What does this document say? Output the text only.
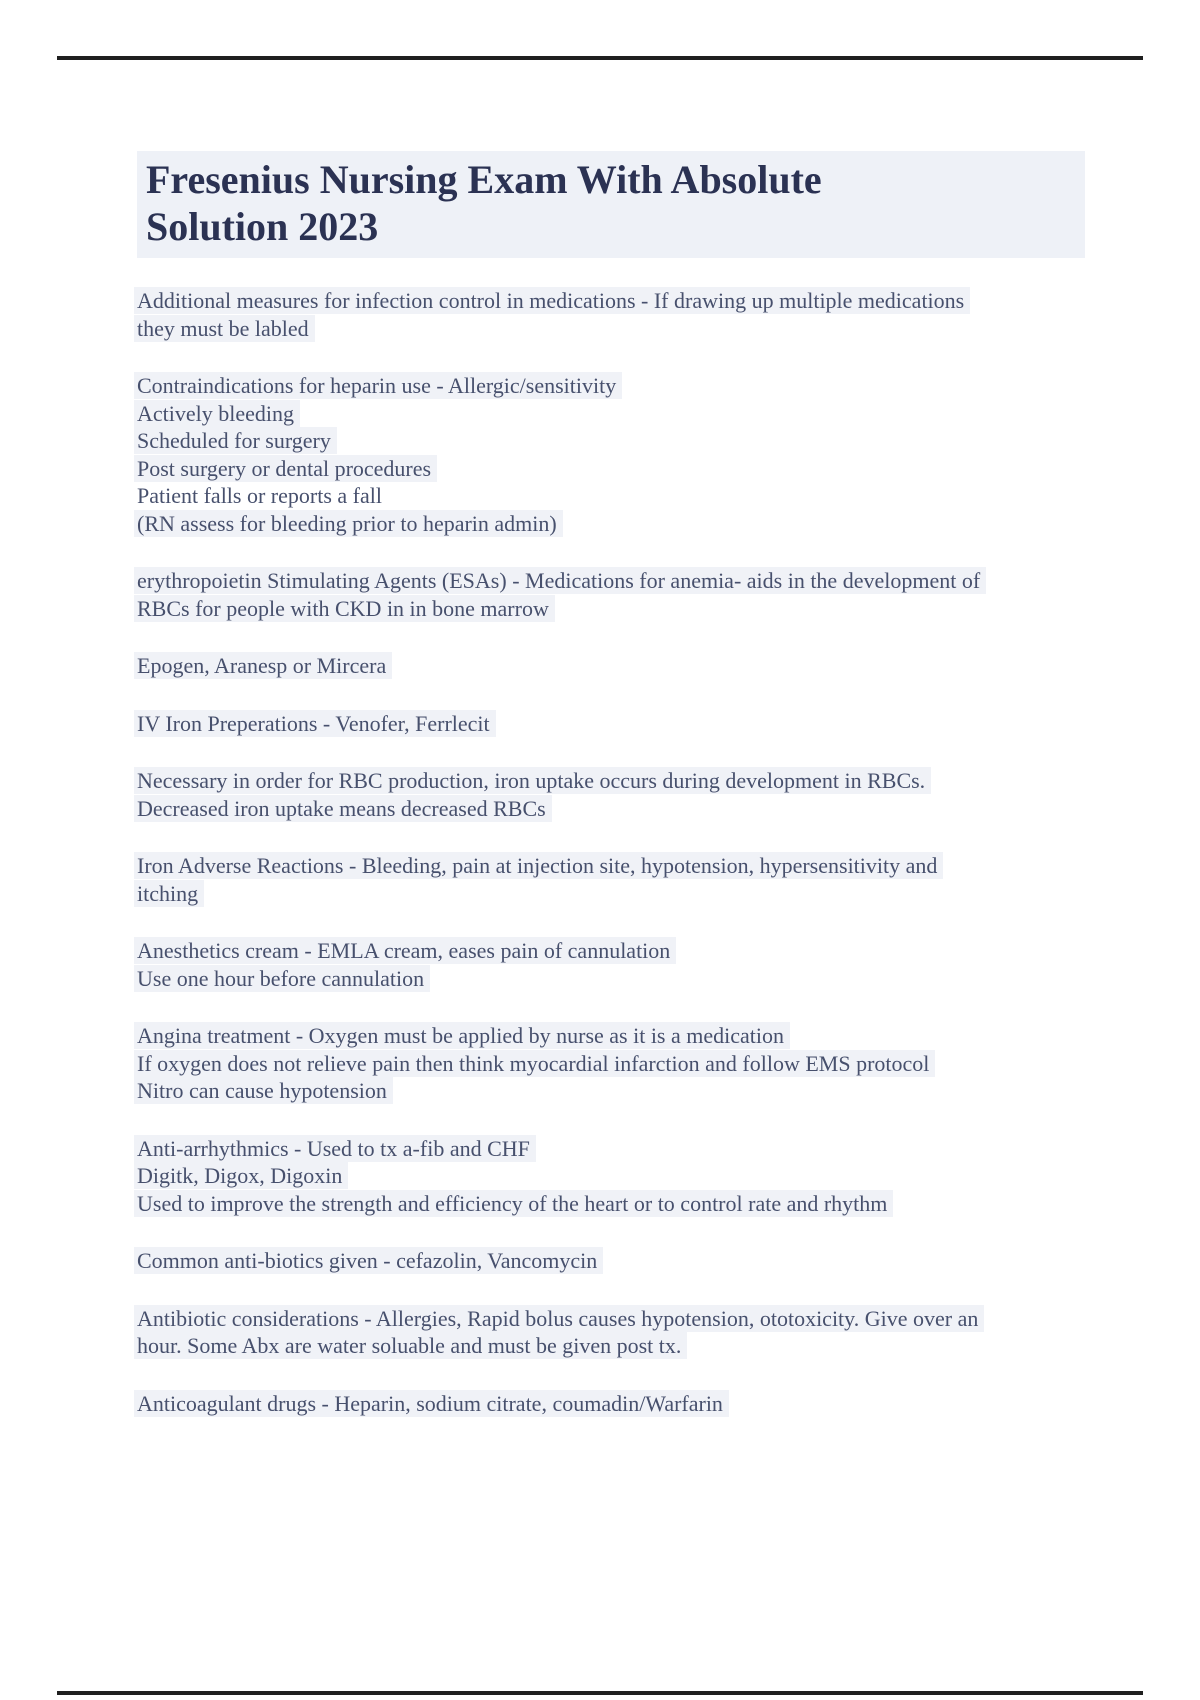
Fresenius Nursing Exam With Absolute
Solution 2023
Additional measures for infection control in medications - If drawing up multiple medications
they must be labled
Contraindications for heparin use - Allergic/sensitivity
Actively bleeding
Scheduled for surgery
Post surgery or dental procedures
Patient falls or reports a fall
(RN assess for bleeding prior to heparin admin)
erythropoietin Stimulating Agents (ESAs) - Medications for anemia- aids in the development of
RBCs for people with CKD in in bone marrow
Epogen, Aranesp or Mircera
IV Iron Preperations - Venofer, Ferrlecit
Necessary in order for RBC production, iron uptake occurs during development in RBCs.
Decreased iron uptake means decreased RBCs
Iron Adverse Reactions - Bleeding, pain at injection site, hypotension, hypersensitivity and
itching
Anesthetics cream - EMLA cream, eases pain of cannulation
Use one hour before cannulation
Angina treatment - Oxygen must be applied by nurse as it is a medication
If oxygen does not relieve pain then think myocardial infarction and follow EMS protocol
Nitro can cause hypotension
Anti-arrhythmics - Used to tx a-fib and CHF
Digitk, Digox, Digoxin
Used to improve the strength and efficiency of the heart or to control rate and rhythm
Common anti-biotics given - cefazolin, Vancomycin
Antibiotic considerations - Allergies, Rapid bolus causes hypotension, ototoxicity. Give over an
hour. Some Abx are water soluable and must be given post tx.
Anticoagulant drugs - Heparin, sodium citrate, coumadin/Warfarin
